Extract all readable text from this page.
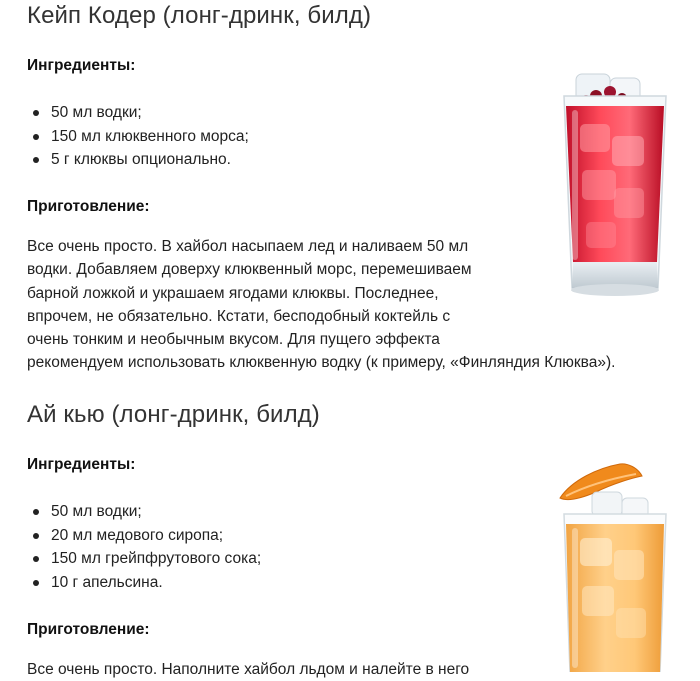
Кейп Кодер (лонг-дринк, билд)

Ингредиенты:

50 мл водки;
150 мл клюквенного морса;
5 г клюквы опционально.

Приготовление:

Все очень просто. В хайбол насыпаем лед и наливаем 50 мл
водки. Добавляем доверху клюквенный морс, перемешиваем
барной ложкой и украшаем ягодами клюквы. Последнее,
впрочем, не обязательно. Кстати, бесподобный коктейль с
очень тонким и необычным вкусом. Для пущего эффекта
рекомендуем использовать клюквенную водку (к примеру, «Финляндия Клюква»).

Ай кью (лонг-дринк, билд)

Ингредиенты:

50 мл водки;
20 мл медового сиропа;
150 мл грейпфрутового сока;
10 г апельсина.

Приготовление:

Все очень просто. Наполните хайбол льдом и налейте в него
